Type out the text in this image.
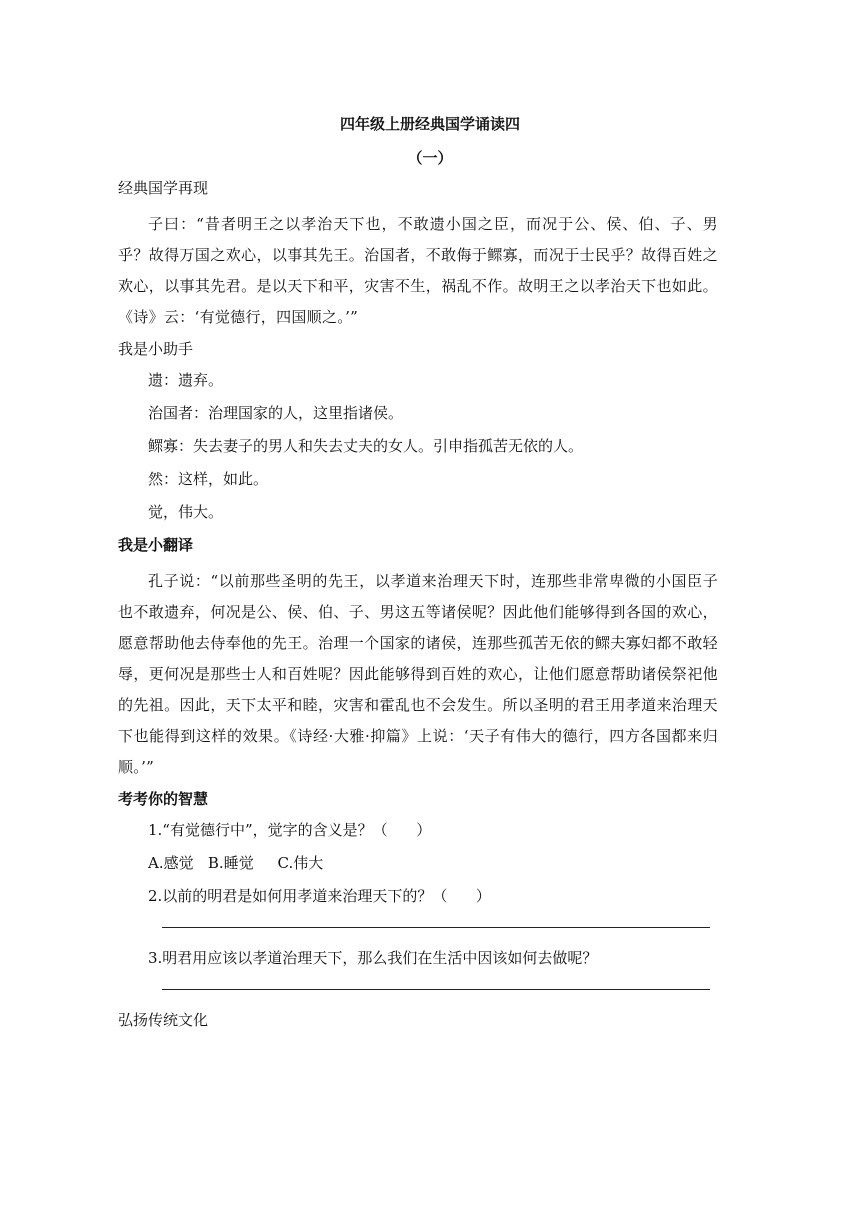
四年级上册经典国学诵读四
（一）

经典国学再现

子曰：“昔者明王之以孝治天下也，不敢遗小国之臣，而况于公、侯、伯、子、男乎？故得万国之欢心，以事其先王。治国者，不敢侮于鳏寡，而况于士民乎？故得百姓之欢心，以事其先君。是以天下和平，灾害不生，祸乱不作。故明王之以孝治天下也如此。《诗》云：‘有觉德行，四国顺之。’”

我是小助手

遗：遗弃。

治国者：治理国家的人，这里指诸侯。

鳏寡：失去妻子的男人和失去丈夫的女人。引申指孤苦无依的人。

然：这样，如此。

觉，伟大。

我是小翻译

孔子说：“以前那些圣明的先王，以孝道来治理天下时，连那些非常卑微的小国臣子也不敢遗弃，何况是公、侯、伯、子、男这五等诸侯呢？因此他们能够得到各国的欢心，愿意帮助他去侍奉他的先王。治理一个国家的诸侯，连那些孤苦无依的鳏夫寡妇都不敢轻辱，更何况是那些士人和百姓呢？因此能够得到百姓的欢心，让他们愿意帮助诸侯祭祀他的先祖。因此，天下太平和睦，灾害和霍乱也不会发生。所以圣明的君王用孝道来治理天下也能得到这样的效果。《诗经·大雅·抑篇》上说：‘天子有伟大的德行，四方各国都来归顺。’”

考考你的智慧

1.“有觉德行中”，觉字的含义是？（      ）

A.感觉   B.睡觉     C.伟大

2.以前的明君是如何用孝道来治理天下的？（      ）

3.明君用应该以孝道治理天下，那么我们在生活中因该如何去做呢？

弘扬传统文化
